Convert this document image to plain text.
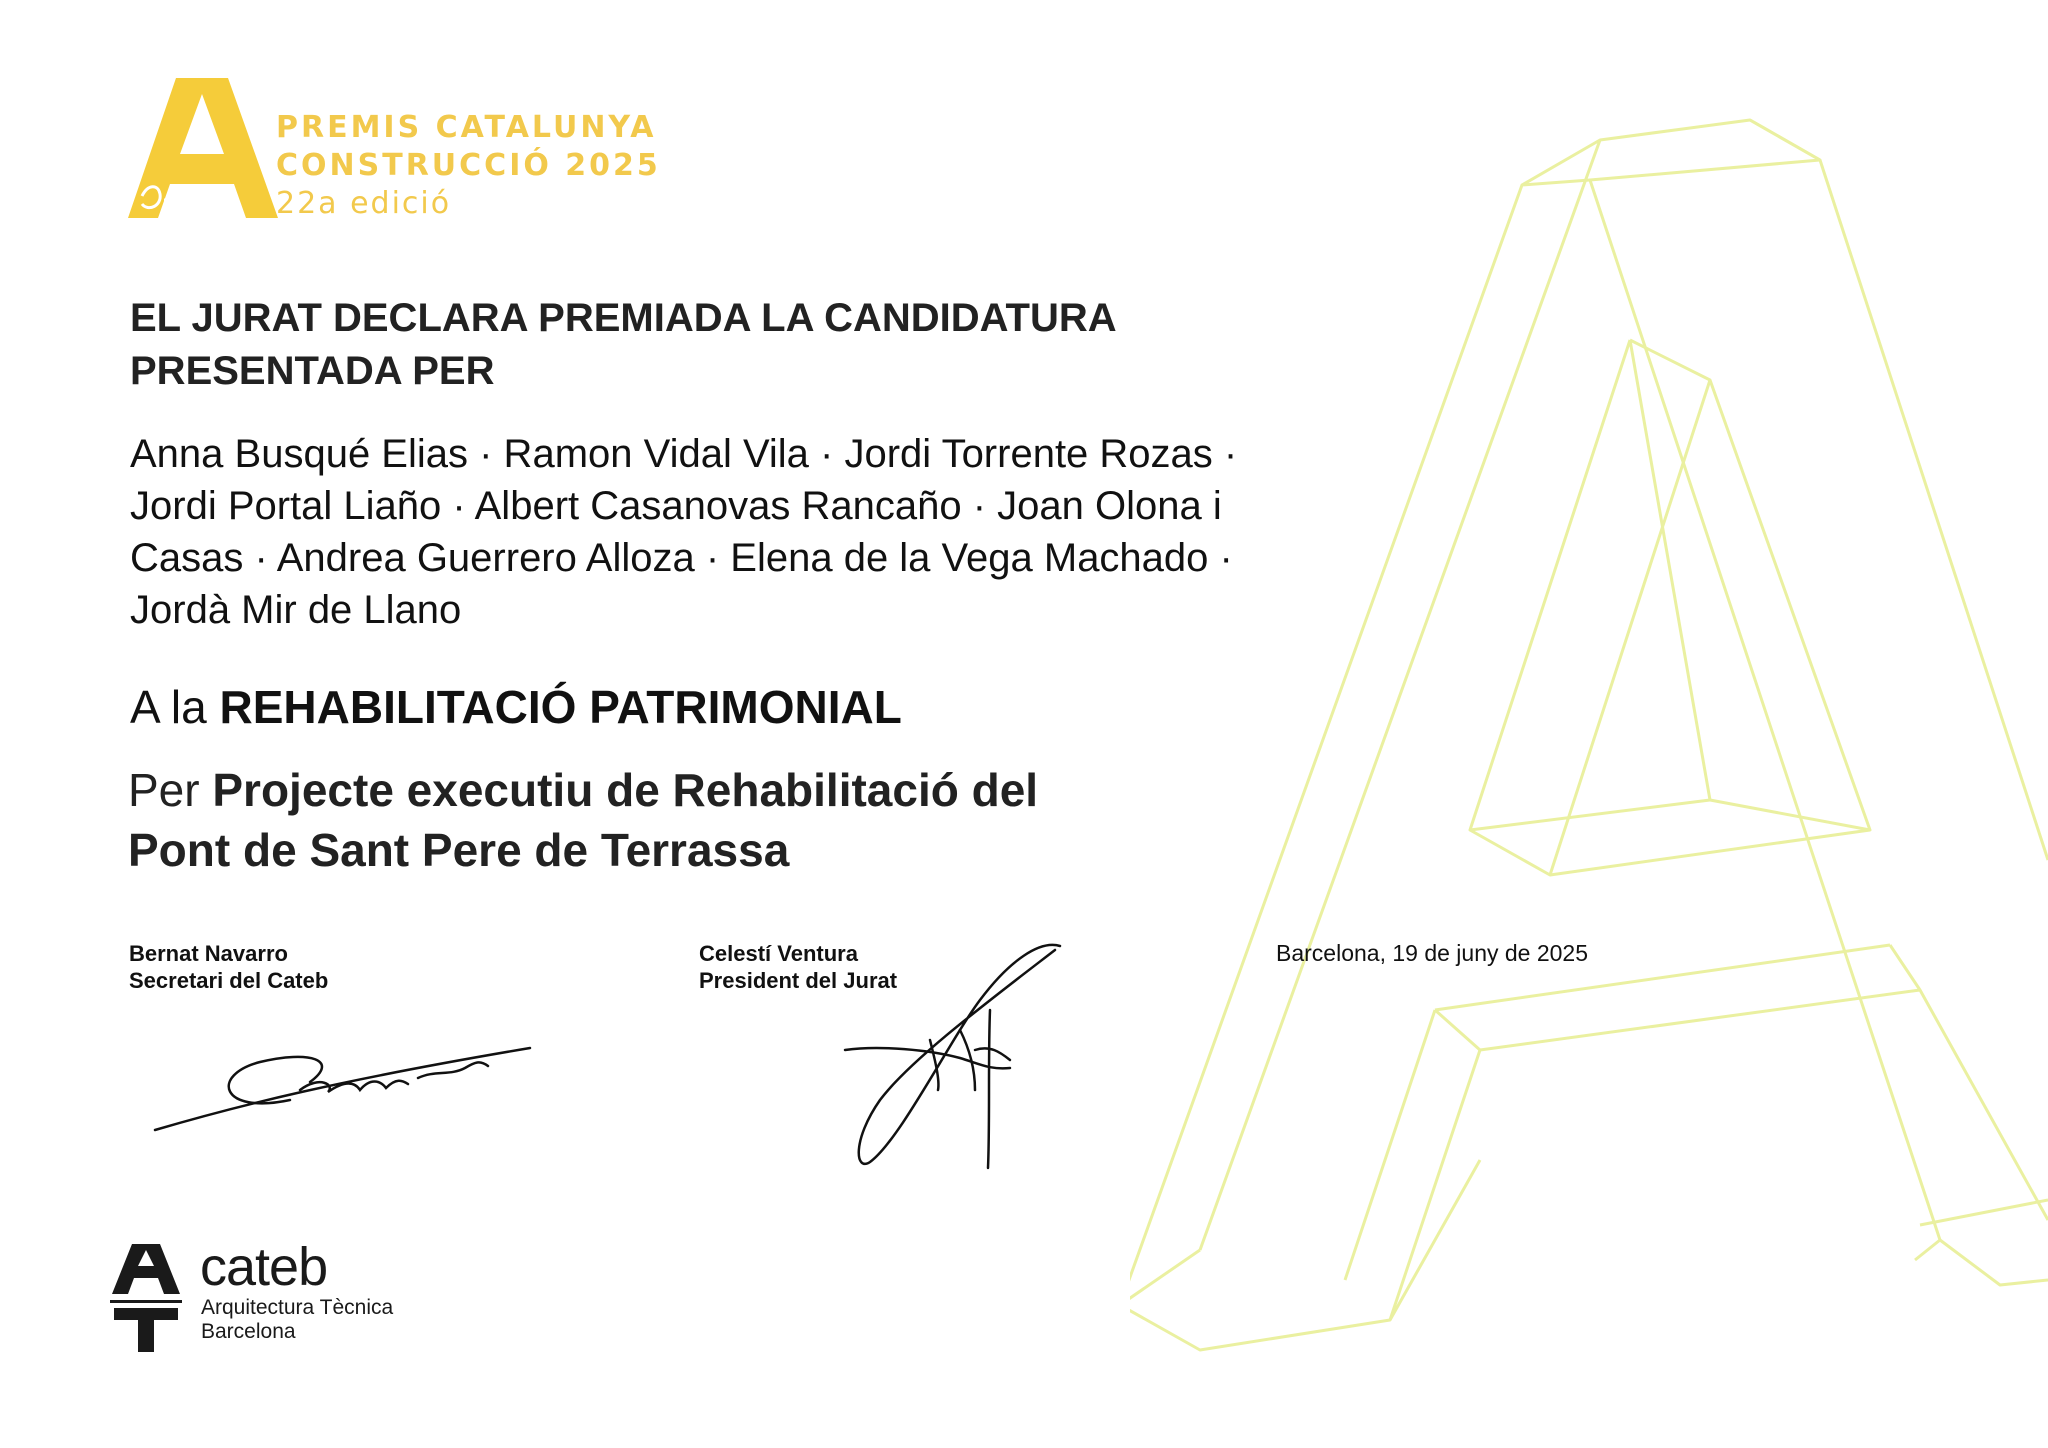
PREMIS CATALUNYA
CONSTRUCCIÓ 2025
22a edició
EL JURAT DECLARA PREMIADA LA CANDIDATURA
PRESENTADA PER
Anna Busqué Elias · Ramon Vidal Vila · Jordi Torrente Rozas ·
Jordi Portal Liaño · Albert Casanovas Rancaño · Joan Olona i
Casas · Andrea Guerrero Alloza · Elena de la Vega Machado ·
Jordà Mir de Llano
A la REHABILITACIÓ PATRIMONIAL
Per Projecte executiu de Rehabilitació del
Pont de Sant Pere de Terrassa
Bernat Navarro
Secretari del Cateb
Celestí Ventura
President del Jurat
Barcelona, 19 de juny de 2025
cateb
Arquitectura Tècnica
Barcelona
